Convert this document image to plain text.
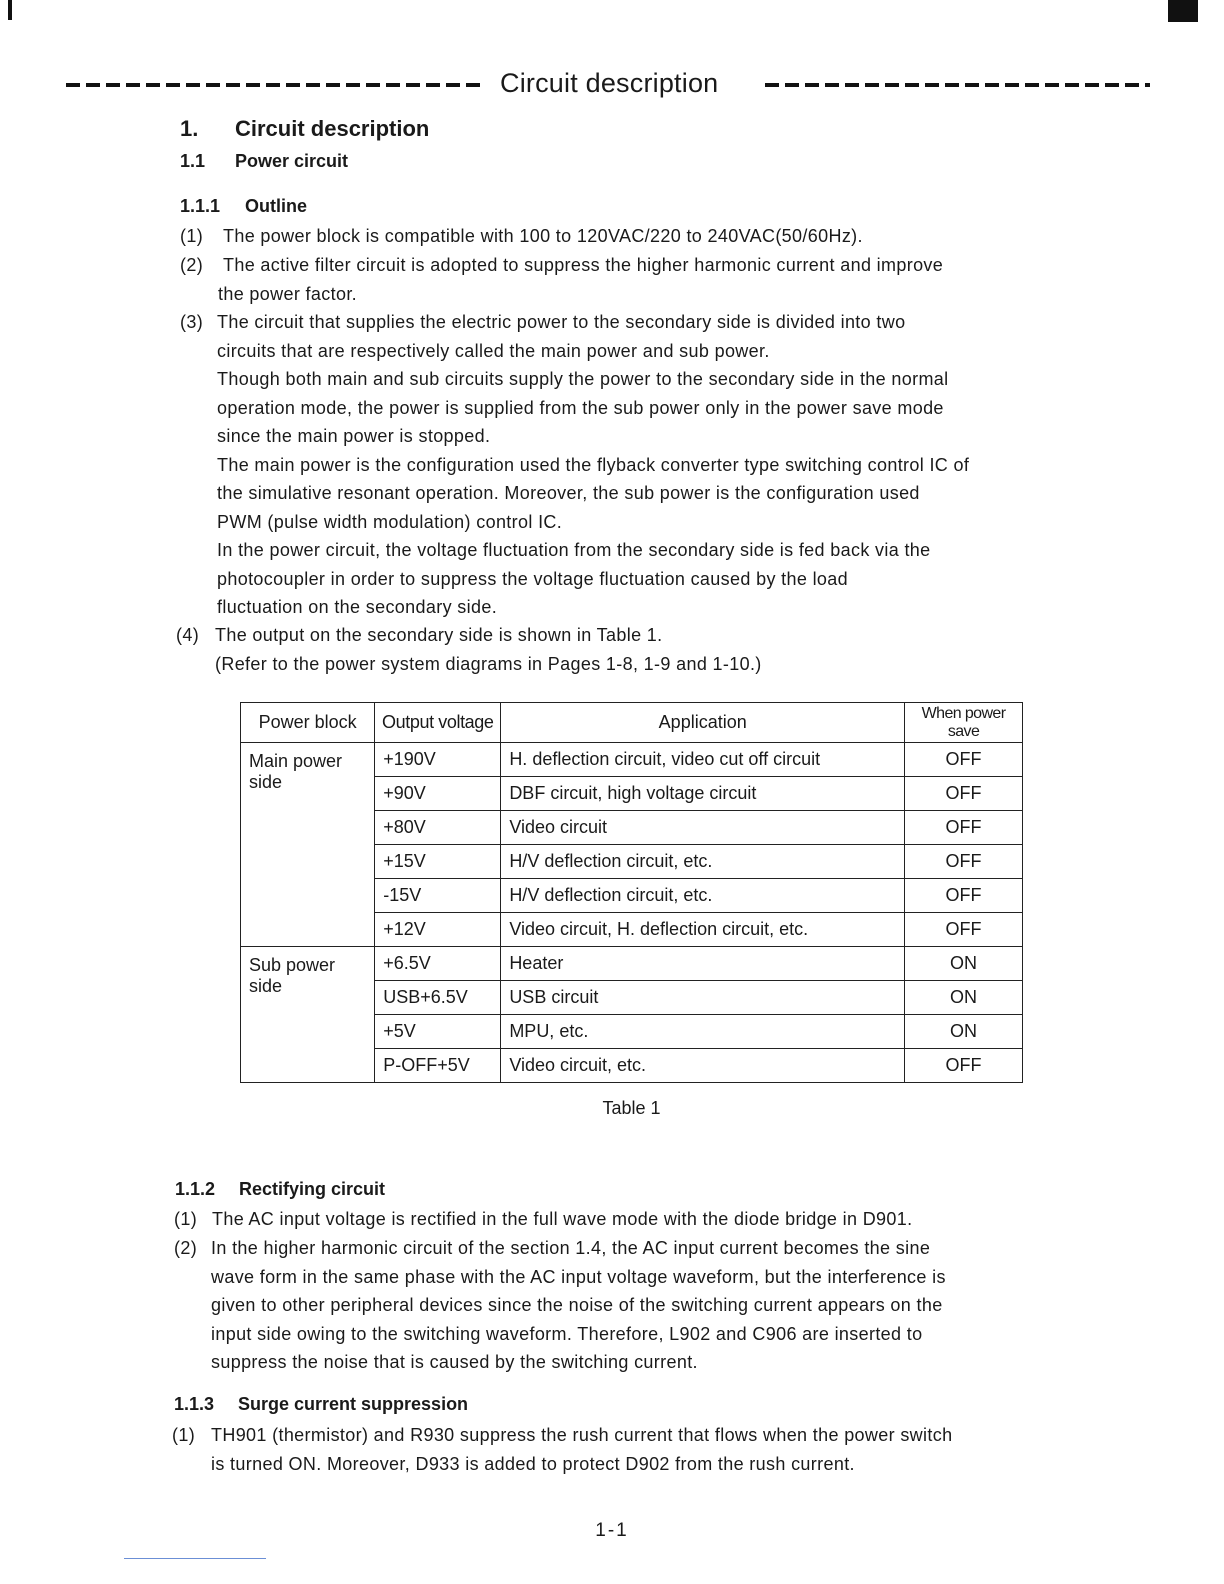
Circuit description
1. Circuit description
1.1 Power circuit
1.1.1 Outline
(1) The power block is compatible with 100 to 120VAC/220 to 240VAC(50/60Hz).
(2) The active filter circuit is adopted to suppress the higher harmonic current and improve
the power factor.
(3) The circuit that supplies the electric power to the secondary side is divided into two
circuits that are respectively called the main power and sub power.
Though both main and sub circuits supply the power to the secondary side in the normal
operation mode, the power is supplied from the sub power only in the power save mode
since the main power is stopped.
The main power is the configuration used the flyback converter type switching control IC of
the simulative resonant operation. Moreover, the sub power is the configuration used
PWM (pulse width modulation) control IC.
In the power circuit, the voltage fluctuation from the secondary side is fed back via the
photocoupler in order to suppress the voltage fluctuation caused by the load
fluctuation on the secondary side.
(4) The output on the secondary side is shown in Table 1.
(Refer to the power system diagrams in Pages 1-8, 1-9 and 1-10.)
Power block	Output voltage	Application	When power save
Main power side	+190V	H. deflection circuit, video cut off circuit	OFF
	+90V	DBF circuit, high voltage circuit	OFF
	+80V	Video circuit	OFF
	+15V	H/V deflection circuit, etc.	OFF
	-15V	H/V deflection circuit, etc.	OFF
	+12V	Video circuit, H. deflection circuit, etc.	OFF
Sub power side	+6.5V	Heater	ON
	USB+6.5V	USB circuit	ON
	+5V	MPU, etc.	ON
	P-OFF+5V	Video circuit, etc.	OFF
Table 1
1.1.2 Rectifying circuit
(1) The AC input voltage is rectified in the full wave mode with the diode bridge in D901.
(2) In the higher harmonic circuit of the section 1.4, the AC input current becomes the sine
wave form in the same phase with the AC input voltage waveform, but the interference is
given to other peripheral devices since the noise of the switching current appears on the
input side owing to the switching waveform. Therefore, L902 and C906 are inserted to
suppress the noise that is caused by the switching current.
1.1.3 Surge current suppression
(1) TH901 (thermistor) and R930 suppress the rush current that flows when the power switch
is turned ON. Moreover, D933 is added to protect D902 from the rush current.
1-1
